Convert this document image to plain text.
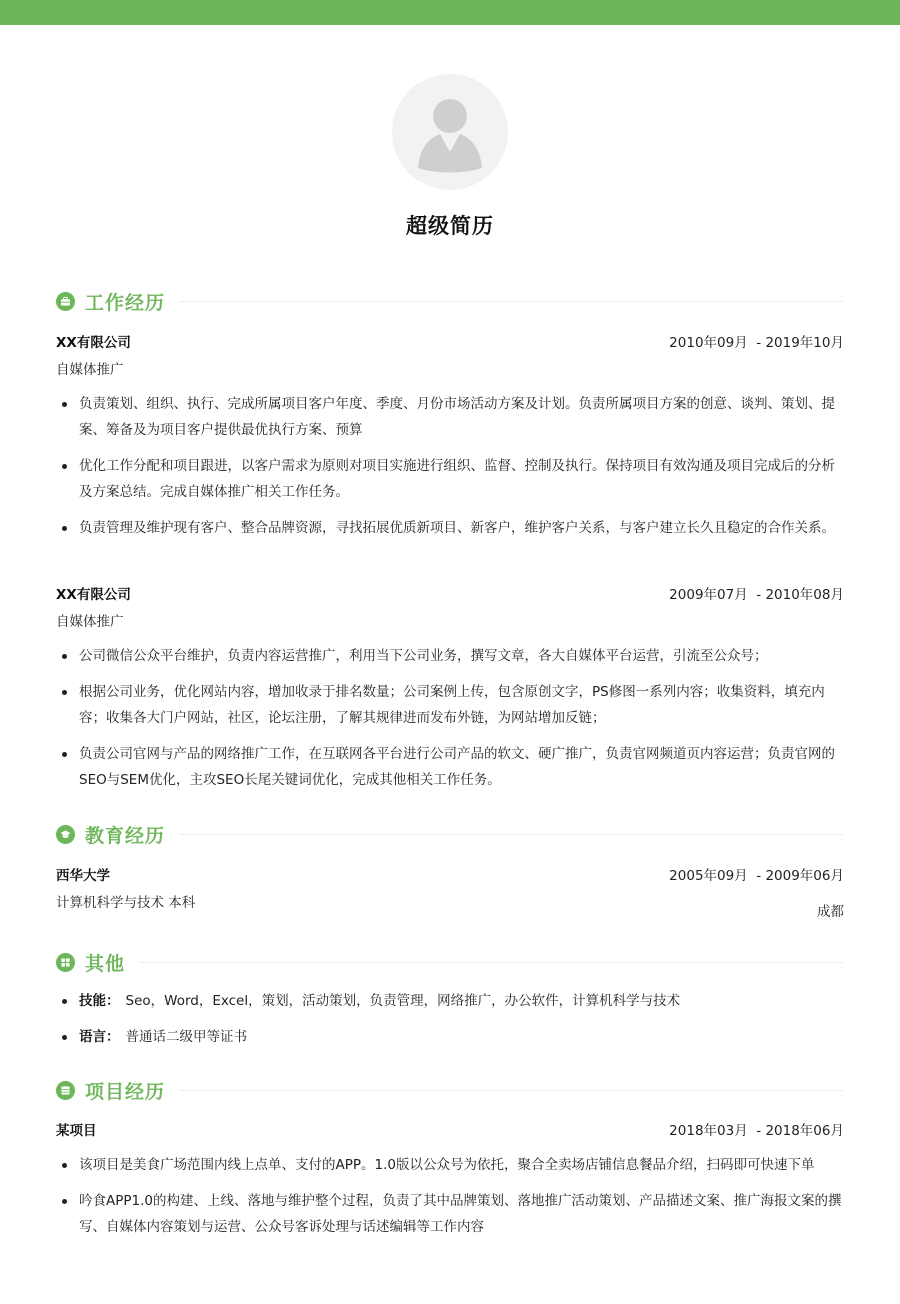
超级简历
工作经历
XX有限公司	2010年09月  - 2019年10月
自媒体推广
负责策划、组织、执行、完成所属项目客户年度、季度、月份市场活动方案及计划。负责所属项目方案的创意、谈判、策划、提案、筹备及为项目客户提供最优执行方案、预算
优化工作分配和项目跟进，以客户需求为原则对项目实施进行组织、监督、控制及执行。保持项目有效沟通及项目完成后的分析及方案总结。完成自媒体推广相关工作任务。
负责管理及维护现有客户、整合品牌资源，寻找拓展优质新项目、新客户，维护客户关系，与客户建立长久且稳定的合作关系。
XX有限公司	2009年07月  - 2010年08月
自媒体推广
公司微信公众平台维护，负责内容运营推广，利用当下公司业务，撰写文章，各大自媒体平台运营，引流至公众号；
根据公司业务，优化网站内容，增加收录于排名数量；公司案例上传，包含原创文字，PS修图一系列内容；收集资料，填充内容；收集各大门户网站，社区，论坛注册，了解其规律进而发布外链，为网站增加反链；
负责公司官网与产品的网络推广工作，在互联网各平台进行公司产品的软文、硬广推广，负责官网频道页内容运营；负责官网的SEO与SEM优化，主攻SEO长尾关键词优化，完成其他相关工作任务。
教育经历
西华大学	2005年09月  - 2009年06月
计算机科学与技术 本科
成都
其他
技能： Seo，Word，Excel，策划，活动策划，负责管理，网络推广，办公软件，计算机科学与技术
语言： 普通话二级甲等证书
项目经历
某项目	2018年03月  - 2018年06月
该项目是美食广场范围内线上点单、支付的APP。1.0版以公众号为依托，聚合全卖场店铺信息餐品介绍，扫码即可快速下单
吟食APP1.0的构建、上线、落地与维护整个过程，负责了其中品牌策划、落地推广活动策划、产品描述文案、推广海报文案的撰写、自媒体内容策划与运营、公众号客诉处理与话述编辑等工作内容
